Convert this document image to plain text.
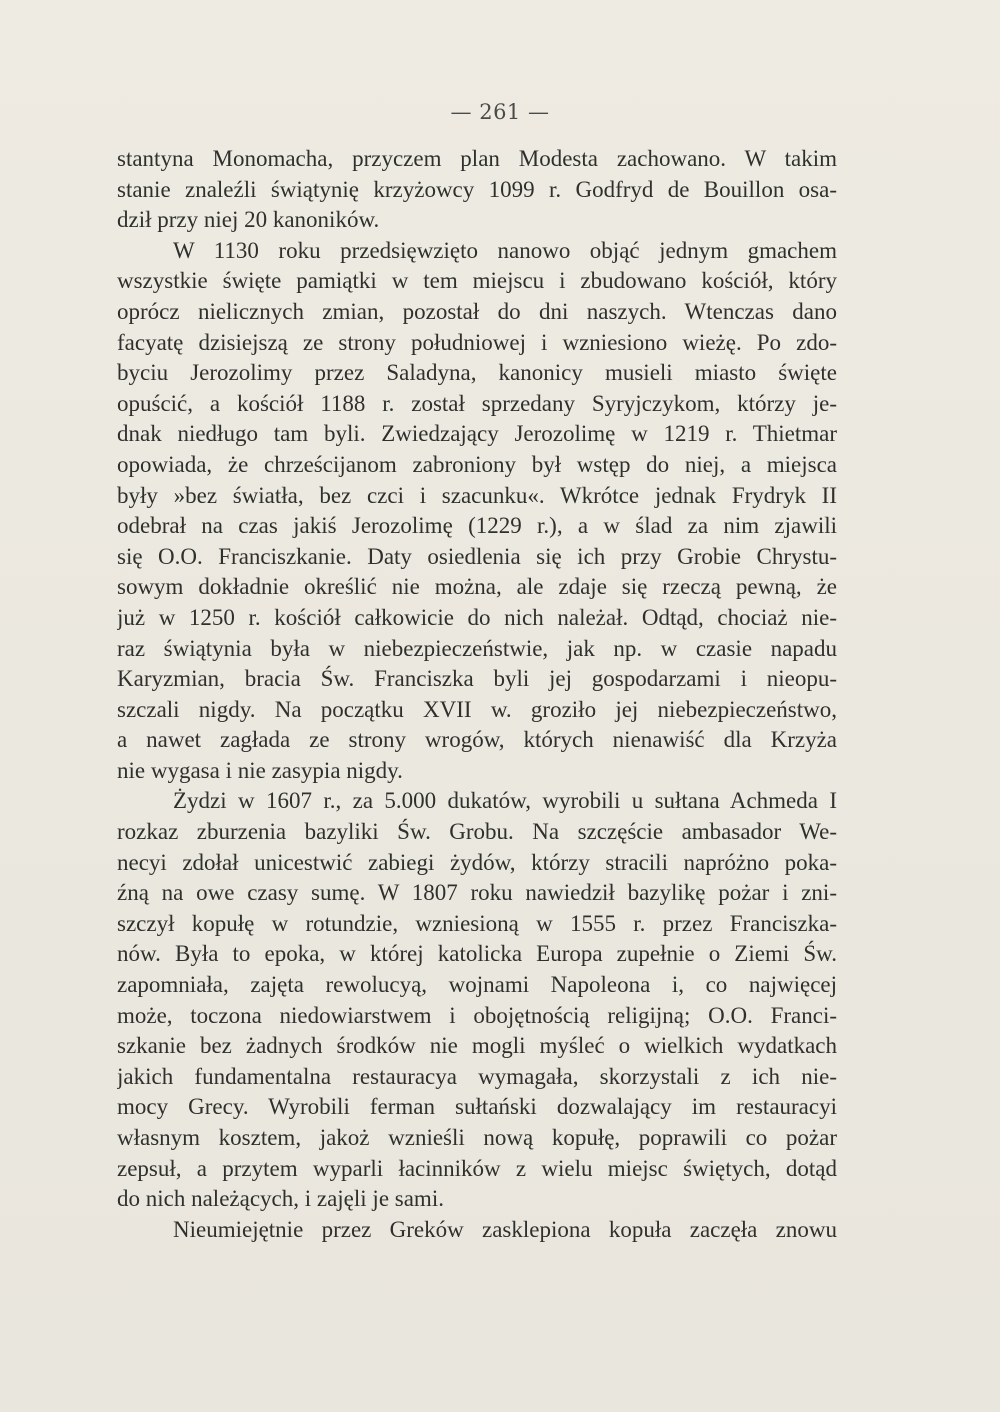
— 261 —
stantyna Monomacha, przyczem plan Modesta zachowano. W takim
stanie znaleźli świątynię krzyżowcy 1099 r. Godfryd de Bouillon osa-
dził przy niej 20 kanoników.
W 1130 roku przedsięwzięto nanowo objąć jednym gmachem
wszystkie święte pamiątki w tem miejscu i zbudowano kościół, który
oprócz nielicznych zmian, pozostał do dni naszych. Wtenczas dano
facyatę dzisiejszą ze strony południowej i wzniesiono wieżę. Po zdo-
byciu Jerozolimy przez Saladyna, kanonicy musieli miasto święte
opuścić, a kościół 1188 r. został sprzedany Syryjczykom, którzy je-
dnak niedługo tam byli. Zwiedzający Jerozolimę w 1219 r. Thietmar
opowiada, że chrześcijanom zabroniony był wstęp do niej, a miejsca
były »bez światła, bez czci i szacunku«. Wkrótce jednak Frydryk II
odebrał na czas jakiś Jerozolimę (1229 r.), a w ślad za nim zjawili
się O.O. Franciszkanie. Daty osiedlenia się ich przy Grobie Chrystu-
sowym dokładnie określić nie można, ale zdaje się rzeczą pewną, że
już w 1250 r. kościół całkowicie do nich należał. Odtąd, chociaż nie-
raz świątynia była w niebezpieczeństwie, jak np. w czasie napadu
Karyzmian, bracia Św. Franciszka byli jej gospodarzami i nieopu-
szczali nigdy. Na początku XVII w. groziło jej niebezpieczeństwo,
a nawet zagłada ze strony wrogów, których nienawiść dla Krzyża
nie wygasa i nie zasypia nigdy.
Żydzi w 1607 r., za 5.000 dukatów, wyrobili u sułtana Achmeda I
rozkaz zburzenia bazyliki Św. Grobu. Na szczęście ambasador We-
necyi zdołał unicestwić zabiegi żydów, którzy stracili napróżno poka-
źną na owe czasy sumę. W 1807 roku nawiedził bazylikę pożar i zni-
szczył kopułę w rotundzie, wzniesioną w 1555 r. przez Franciszka-
nów. Była to epoka, w której katolicka Europa zupełnie o Ziemi Św.
zapomniała, zajęta rewolucyą, wojnami Napoleona i, co najwięcej
może, toczona niedowiarstwem i obojętnością religijną; O.O. Franci-
szkanie bez żadnych środków nie mogli myśleć o wielkich wydatkach
jakich fundamentalna restauracya wymagała, skorzystali z ich nie-
mocy Grecy. Wyrobili ferman sułtański dozwalający im restauracyi
własnym kosztem, jakoż wznieśli nową kopułę, poprawili co pożar
zepsuł, a przytem wyparli łacinników z wielu miejsc świętych, dotąd
do nich należących, i zajęli je sami.
Nieumiejętnie przez Greków zasklepiona kopuła zaczęła znowu
